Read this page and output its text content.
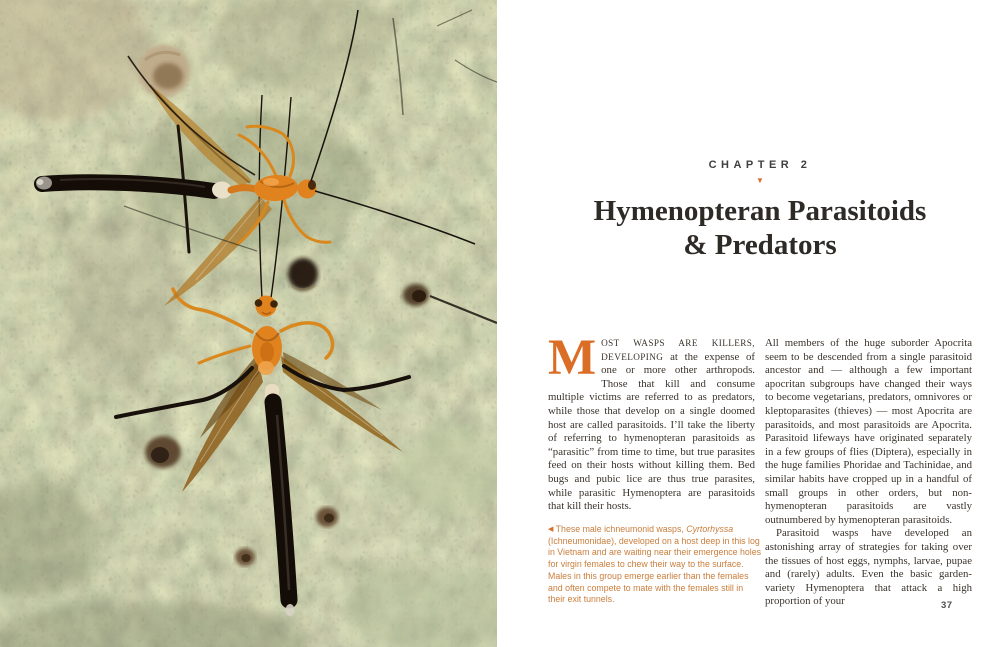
CHAPTER 2
▼
Hymenopteran Parasitoids
& Predators

MOST WASPS ARE KILLERS, DEVELOPING at the expense of one or more other arthropods. Those that kill and consume multiple victims are referred to as predators, while those that develop on a single doomed host are called parasitoids. I’ll take the liberty of referring to hymenopteran parasitoids as “parasitic” from time to time, but true parasites feed on their hosts without killing them. Bed bugs and pubic lice are thus true parasites, while parasitic Hymenoptera are parasitoids that kill their hosts.

All members of the huge suborder Apocrita seem to be descended from a single parasitoid ancestor and — although a few important apocritan subgroups have changed their ways to become vegetarians, predators, omnivores or kleptoparasites (thieves) — most Apocrita are parasitoids, and most parasitoids are Apocrita. Parasitoid lifeways have originated separately in a few groups of flies (Diptera), especially in the huge families Phoridae and Tachinidae, and similar habits have cropped up in a handful of small groups in other orders, but non-hymenopteran parasitoids are vastly outnumbered by hymenopteran parasitoids.

Parasitoid wasps have developed an astonishing array of strategies for taking over the tissues of host eggs, nymphs, larvae, pupae and (rarely) adults. Even the basic garden-variety Hymenoptera that attack a high proportion of your

◀ These male ichneumonid wasps, Cyrtorhyssa (Ichneumonidae), developed on a host deep in this log in Vietnam and are waiting near their emergence holes for virgin females to chew their way to the surface. Males in this group emerge earlier than the females and often compete to mate with the females still in their exit tunnels.
37
